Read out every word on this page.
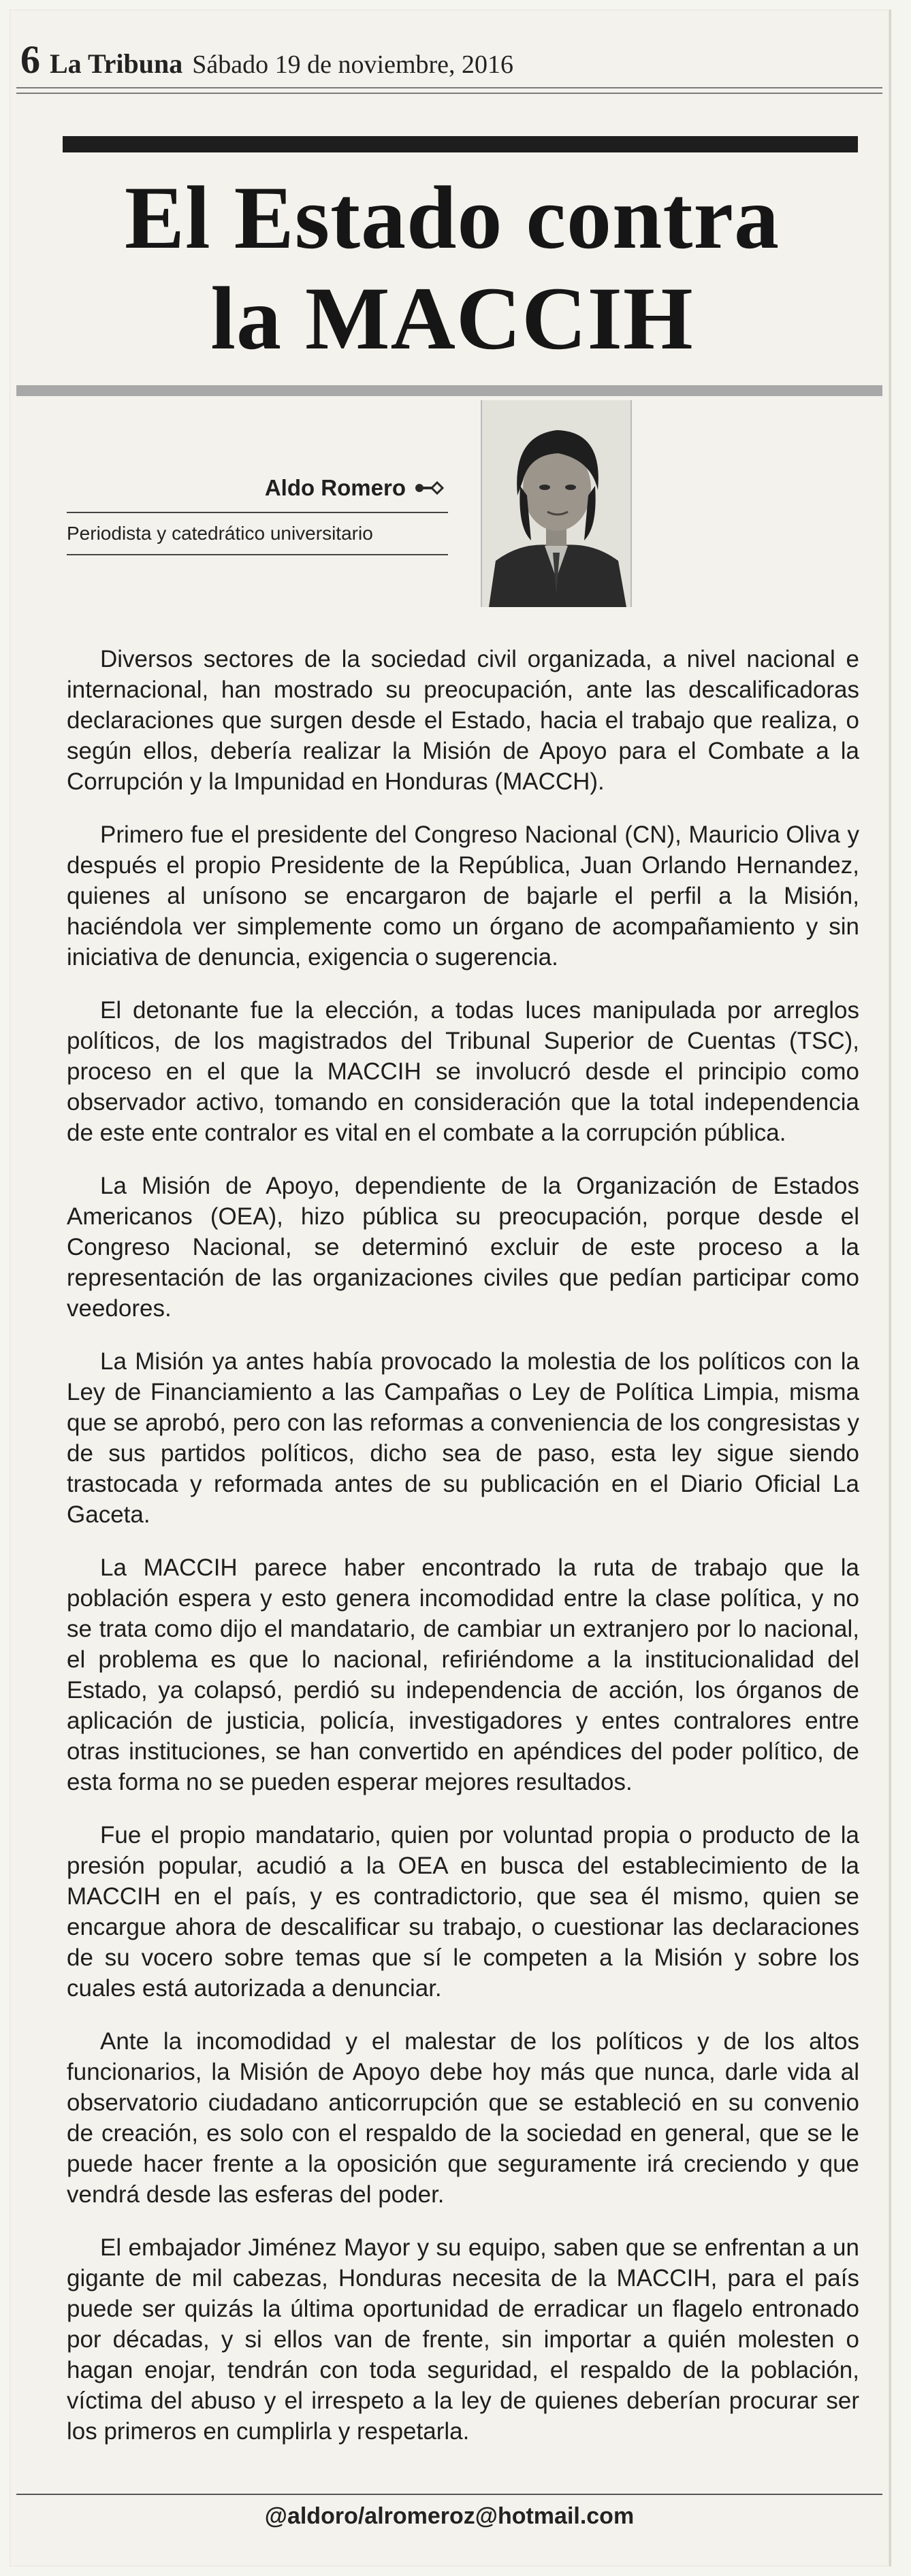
6 La Tribuna Sábado 19 de noviembre, 2016
El Estado contra
la MACCIH
Aldo Romero
Periodista y catedrático universitario

Diversos sectores de la sociedad civil organizada, a nivel nacional e internacional, han mostrado su preocupación, ante las descalificadoras declaraciones que surgen desde el Estado, hacia el trabajo que realiza, o según ellos, debería realizar la Misión de Apoyo para el Combate a la Corrupción y la Impunidad en Honduras (MACCH).

Primero fue el presidente del Congreso Nacional (CN), Mauricio Oliva y después el propio Presidente de la República, Juan Orlando Hernandez, quienes al unísono se encargaron de bajarle el perfil a la Misión, haciéndola ver simplemente como un órgano de acompañamiento y sin iniciativa de denuncia, exigencia o sugerencia.

El detonante fue la elección, a todas luces manipulada por arreglos políticos, de los magistrados del Tribunal Superior de Cuentas (TSC), proceso en el que la MACCIH se involucró desde el principio como observador activo, tomando en consideración que la total independencia de este ente contralor es vital en el combate a la corrupción pública.

La Misión de Apoyo, dependiente de la Organización de Estados Americanos (OEA), hizo pública su preocupación, porque desde el Congreso Nacional, se determinó excluir de este proceso a la representación de las organizaciones civiles que pedían participar como veedores.

La Misión ya antes había provocado la molestia de los políticos con la Ley de Financiamiento a las Campañas o Ley de Política Limpia, misma que se aprobó, pero con las reformas a conveniencia de los congresistas y de sus partidos políticos, dicho sea de paso, esta ley sigue siendo trastocada y reformada antes de su publicación en el Diario Oficial La Gaceta.

La MACCIH parece haber encontrado la ruta de trabajo que la población espera y esto genera incomodidad entre la clase política, y no se trata como dijo el mandatario, de cambiar un extranjero por lo nacional, el problema es que lo nacional, refiriéndome a la institucionalidad del Estado, ya colapsó, perdió su independencia de acción, los órganos de aplicación de justicia, policía, investigadores y entes contralores entre otras instituciones, se han convertido en apéndices del poder político, de esta forma no se pueden esperar mejores resultados.

Fue el propio mandatario, quien por voluntad propia o producto de la presión popular, acudió a la OEA en busca del establecimiento de la MACCIH en el país, y es contradictorio, que sea él mismo, quien se encargue ahora de descalificar su trabajo, o cuestionar las declaraciones de su vocero sobre temas que sí le competen a la Misión y sobre los cuales está autorizada a denunciar.

Ante la incomodidad y el malestar de los políticos y de los altos funcionarios, la Misión de Apoyo debe hoy más que nunca, darle vida al observatorio ciudadano anticorrupción que se estableció en su convenio de creación, es solo con el respaldo de la sociedad en general, que se le puede hacer frente a la oposición que seguramente irá creciendo y que vendrá desde las esferas del poder.

El embajador Jiménez Mayor y su equipo, saben que se enfrentan a un gigante de mil cabezas, Honduras necesita de la MACCIH, para el país puede ser quizás la última oportunidad de erradicar un flagelo entronado por décadas, y si ellos van de frente, sin importar a quién molesten o hagan enojar, tendrán con toda seguridad, el respaldo de la población, víctima del abuso y el irrespeto a la ley de quienes deberían procurar ser los primeros en cumplirla y respetarla.

@aldoro/alromeroz@hotmail.com
